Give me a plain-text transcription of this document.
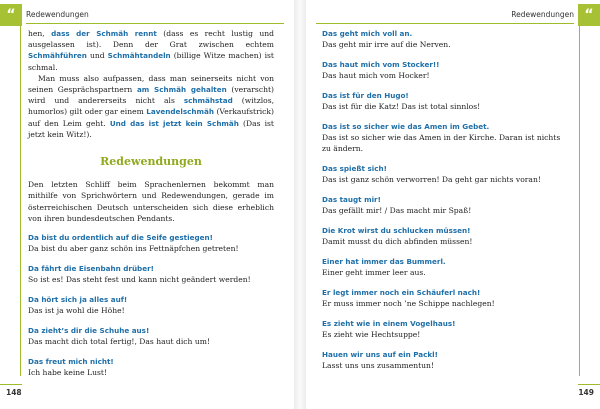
“	Redewendungen

hen, dass der Schmäh rennt (dass es recht lustig und ausgelassen ist). Denn der Grat zwischen echtem Schmähführen und Schmähtandeln (billige Witze machen) ist schmal.

Man muss also aufpassen, dass man seinerseits nicht von seinen Gesprächspartnern am Schmäh gehalten (verarscht) wird und andererseits nicht als schmähstad (witzlos, humorlos) gilt oder gar einem Lavendelschmäh (Verkaufstrick) auf den Leim geht. Und das ist jetzt kein Schmäh (Das ist jetzt kein Witz!).

Redewendungen

Den letzten Schliff beim Sprachenlernen bekommt man mithilfe von Sprichwörtern und Redewendungen, gerade im österreichischen Deutsch unterscheiden sich diese erheblich von ihren bundesdeutschen Pendants.

Da bist du ordentlich auf die Seife gestiegen!
Da bist du aber ganz schön ins Fettnäpfchen getreten!
Da fährt die Eisenbahn drüber!
So ist es! Das steht fest und kann nicht geändert werden!
Da hört sich ja alles auf!
Das ist ja wohl die Höhe!
Da zieht’s dir die Schuhe aus!
Das macht dich total fertig!, Das haut dich um!
Das freut mich nicht!
Ich habe keine Lust!
148
“
Redewendungen
Das geht mich voll an.
Das geht mir irre auf die Nerven.
Das haut mich vom Stocker!!
Das haut mich vom Hocker!
Das ist für den Hugo!
Das ist für die Katz! Das ist total sinnlos!
Das ist so sicher wie das Amen im Gebet.
Das ist so sicher wie das Amen in der Kirche. Daran ist nichts zu ändern.
Das spießt sich!
Das ist ganz schön verworren! Da geht gar nichts voran!
Das taugt mir!
Das gefällt mir! / Das macht mir Spaß!
Die Krot wirst du schlucken müssen!
Damit musst du dich abfinden müssen!
Einer hat immer das Bummerl.
Einer geht immer leer aus.
Er legt immer noch ein Schäuferl nach!
Er muss immer noch ’ne Schippe nachlegen!
Es zieht wie in einem Vogelhaus!
Es zieht wie Hechtsuppe!
Hauen wir uns auf ein Packl!
Lasst uns uns zusammentun!
149
